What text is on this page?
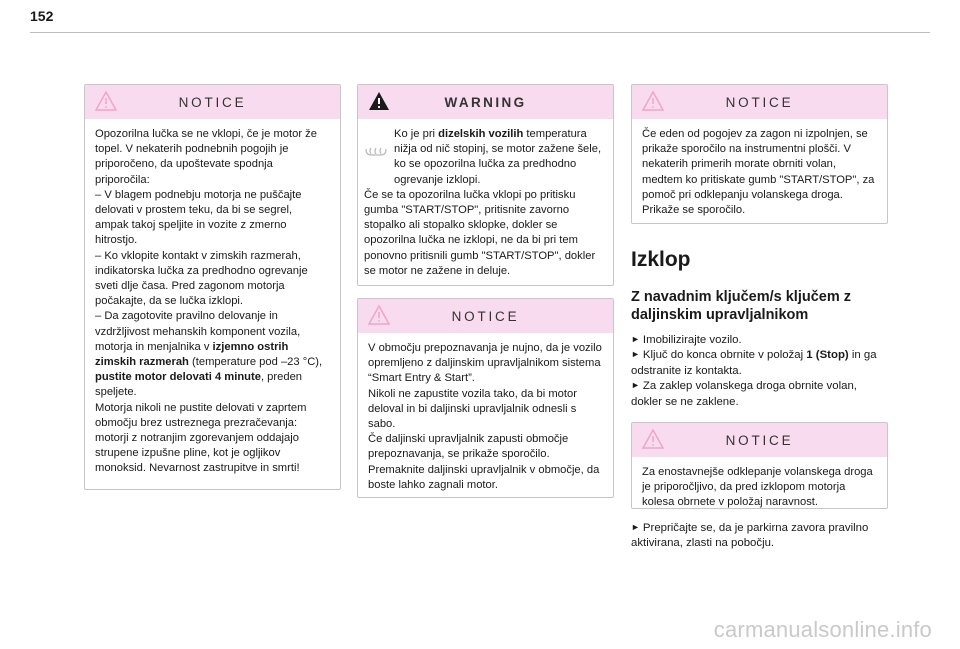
152
NOTICE

Opozorilna lučka se ne vklopi, če je motor že
topel. V nekaterih podnebnih pogojih je
priporočeno, da upoštevate spodnja
priporočila:
– V blagem podnebju motorja ne puščajte
delovati v prostem teku, da bi se segrel,
ampak takoj speljite in vozite z zmerno
hitrostjo.
– Ko vklopite kontakt v zimskih razmerah,
indikatorska lučka za predhodno ogrevanje
sveti dlje časa. Pred zagonom motorja
počakajte, da se lučka izklopi.
– Da zagotovite pravilno delovanje in
vzdržljivost mehanskih komponent vozila,
motorja in menjalnika v izjemno ostrih zimskih razmerah (temperature pod –23 °C), pustite motor delovati 4 minute, preden speljete.
Motorja nikoli ne pustite delovati v zaprtem
območju brez ustreznega prezračevanja:
motorji z notranjim zgorevanjem oddajajo
strupene izpušne pline, kot je ogljikov
monoksid. Nevarnost zastrupitve in smrti!

WARNING

Ko je pri dizelskih vozilih temperatura nižja od nič stopinj, se motor zažene šele, ko se opozorilna lučka za predhodno ogrevanje izklopi.

Če se ta opozorilna lučka vklopi po pritisku gumba "START/STOP", pritisnite zavorno stopalko ali stopalko sklopke, dokler se opozorilna lučka ne izklopi, ne da bi pri tem ponovno pritisnili gumb "START/STOP", dokler se motor ne zažene in deluje.

NOTICE

V območju prepoznavanja je nujno, da je vozilo opremljeno z daljinskim upravljalnikom sistema “Smart Entry & Start”.

Nikoli ne zapustite vozila tako, da bi motor deloval in bi daljinski upravljalnik odnesli s sabo.

Če daljinski upravljalnik zapusti območje prepoznavanja, se prikaže sporočilo. Premaknite daljinski upravljalnik v območje, da boste lahko zagnali motor.

NOTICE

Če eden od pogojev za zagon ni izpolnjen, se prikaže sporočilo na instrumentni plošči. V nekaterih primerih morate obrniti volan, medtem ko pritiskate gumb "START/STOP", za pomoč pri odklepanju volanskega droga. Prikaže se sporočilo.

Izklop
Z navadnim ključem/s ključem z daljinskim upravljalnikom

► Imobilizirajte vozilo.

► Ključ do konca obrnite v položaj 1 (Stop) in ga odstranite iz kontakta.

► Za zaklep volanskega droga obrnite volan, dokler se ne zaklene.

NOTICE

Za enostavnejše odklepanje volanskega droga je priporočljivo, da pred izklopom motorja kolesa obrnete v položaj naravnost.

► Prepričajte se, da je parkirna zavora pravilno aktivirana, zlasti na pobočju.

carmanualsonline.info
